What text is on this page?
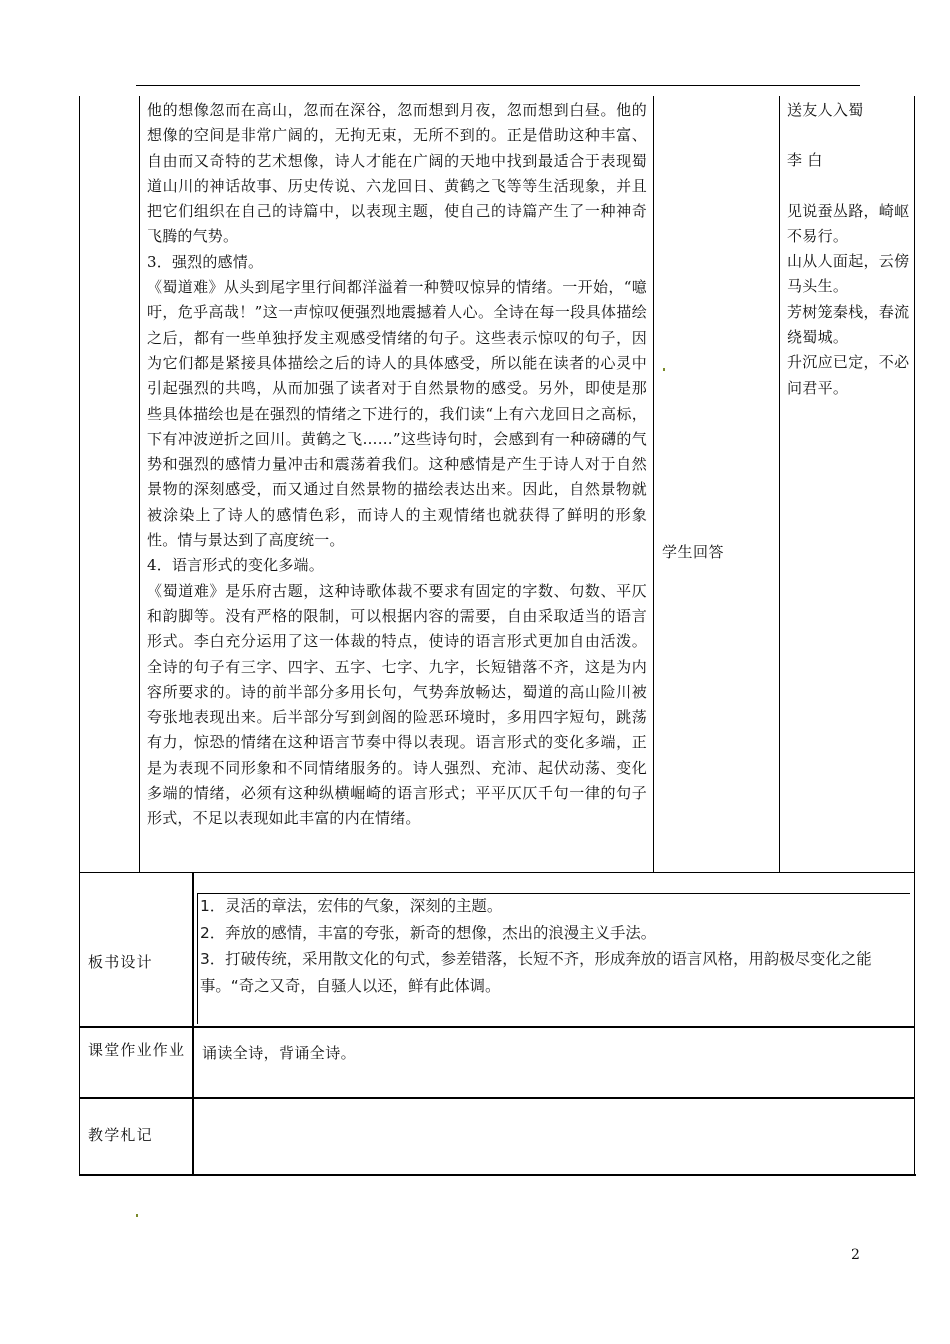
他的想像忽而在高山，忽而在深谷，忽而想到月夜，忽而想到白昼。他的想像的空间是非常广阔的，无拘无束，无所不到的。正是借助这种丰富、自由而又奇特的艺术想像，诗人才能在广阔的天地中找到最适合于表现蜀道山川的神话故事、历史传说、六龙回日、黄鹤之飞等等生活现象，并且把它们组织在自己的诗篇中，以表现主题，使自己的诗篇产生了一种神奇飞腾的气势。

3．强烈的感情。

《蜀道难》从头到尾字里行间都洋溢着一种赞叹惊异的情绪。一开始，“噫吁，危乎高哉！”这一声惊叹便强烈地震撼着人心。全诗在每一段具体描绘之后，都有一些单独抒发主观感受情绪的句子。这些表示惊叹的句子，因为它们都是紧接具体描绘之后的诗人的具体感受，所以能在读者的心灵中引起强烈的共鸣，从而加强了读者对于自然景物的感受。另外，即使是那些具体描绘也是在强烈的情绪之下进行的，我们读“上有六龙回日之高标，下有冲波逆折之回川。黄鹤之飞……”这些诗句时，会感到有一种磅礴的气势和强烈的感情力量冲击和震荡着我们。这种感情是产生于诗人对于自然景物的深刻感受，而又通过自然景物的描绘表达出来。因此，自然景物就被涂染上了诗人的感情色彩，而诗人的主观情绪也就获得了鲜明的形象性。情与景达到了高度统一。

4．语言形式的变化多端。

《蜀道难》是乐府古题，这种诗歌体裁不要求有固定的字数、句数、平仄和韵脚等。没有严格的限制，可以根据内容的需要，自由采取适当的语言形式。李白充分运用了这一体裁的特点，使诗的语言形式更加自由活泼。全诗的句子有三字、四字、五字、七字、九字，长短错落不齐，这是为内容所要求的。诗的前半部分多用长句，气势奔放畅达，蜀道的高山险川被夸张地表现出来。后半部分写到剑阁的险恶环境时，多用四字短句，跳荡有力，惊恐的情绪在这种语言节奏中得以表现。语言形式的变化多端，正是为表现不同形象和不同情绪服务的。诗人强烈、充沛、起伏动荡、变化多端的情绪，必须有这种纵横崛崎的语言形式；平平仄仄千句一律的句子形式，不足以表现如此丰富的内在情绪。

学生回答

送友人入蜀

李 白

见说蚕丛路，崎岖不易行。

山从人面起，云傍马头生。

芳树笼秦栈，春流绕蜀城。

升沉应已定，不必问君平。

板书设计

1．灵活的章法，宏伟的气象，深刻的主题。

2．奔放的感情，丰富的夸张，新奇的想像，杰出的浪漫主义手法。

3．打破传统，采用散文化的句式，参差错落，长短不齐，形成奔放的语言风格，用韵极尽变化之能事。“奇之又奇，自骚人以还，鲜有此体调。

课堂作业作业 诵读全诗，背诵全诗。
教学札记
2
